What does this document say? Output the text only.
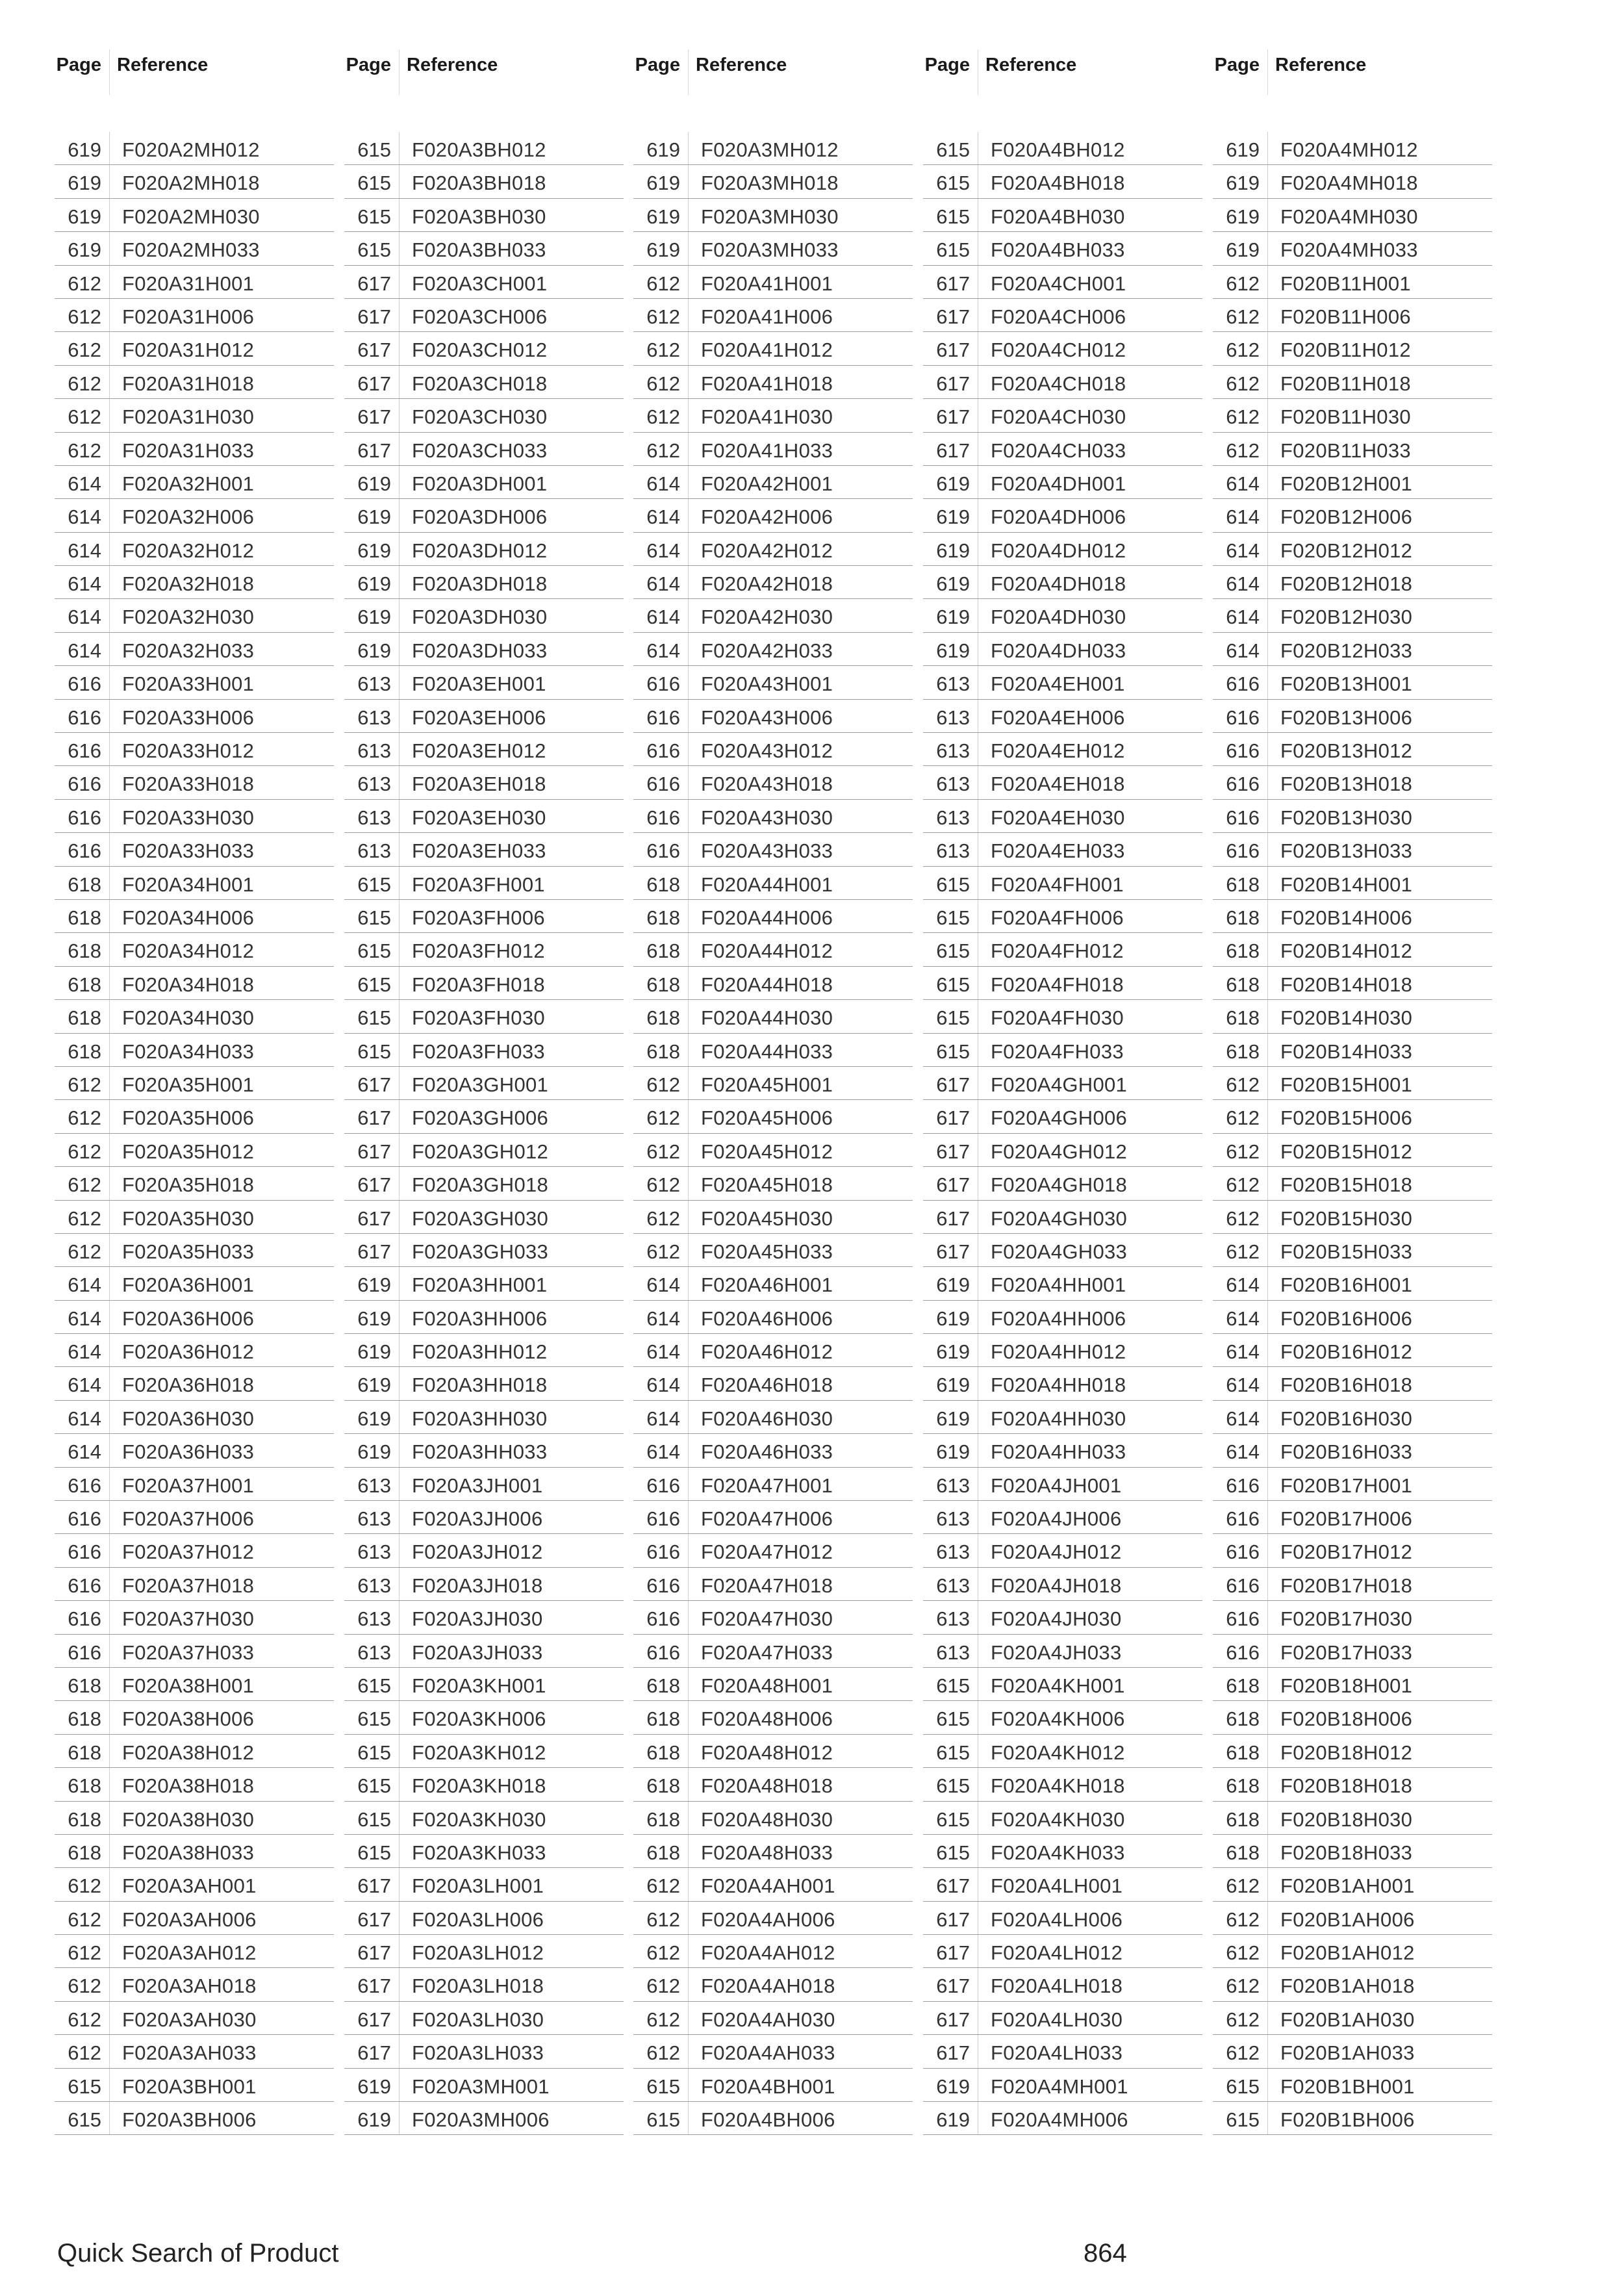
Page Reference
619 F020A2MH012
619 F020A2MH018
619 F020A2MH030
619 F020A2MH033
612 F020A31H001
612 F020A31H006
612 F020A31H012
612 F020A31H018
612 F020A31H030
612 F020A31H033
614 F020A32H001
614 F020A32H006
614 F020A32H012
614 F020A32H018
614 F020A32H030
614 F020A32H033
616 F020A33H001
616 F020A33H006
616 F020A33H012
616 F020A33H018
616 F020A33H030
616 F020A33H033
618 F020A34H001
618 F020A34H006
618 F020A34H012
618 F020A34H018
618 F020A34H030
618 F020A34H033
612 F020A35H001
612 F020A35H006
612 F020A35H012
612 F020A35H018
612 F020A35H030
612 F020A35H033
614 F020A36H001
614 F020A36H006
614 F020A36H012
614 F020A36H018
614 F020A36H030
614 F020A36H033
616 F020A37H001
616 F020A37H006
616 F020A37H012
616 F020A37H018
616 F020A37H030
616 F020A37H033
618 F020A38H001
618 F020A38H006
618 F020A38H012
618 F020A38H018
618 F020A38H030
618 F020A38H033
612 F020A3AH001
612 F020A3AH006
612 F020A3AH012
612 F020A3AH018
612 F020A3AH030
612 F020A3AH033
615 F020A3BH001
615 F020A3BH006
Page Reference
615 F020A3BH012
615 F020A3BH018
615 F020A3BH030
615 F020A3BH033
617 F020A3CH001
617 F020A3CH006
617 F020A3CH012
617 F020A3CH018
617 F020A3CH030
617 F020A3CH033
619 F020A3DH001
619 F020A3DH006
619 F020A3DH012
619 F020A3DH018
619 F020A3DH030
619 F020A3DH033
613 F020A3EH001
613 F020A3EH006
613 F020A3EH012
613 F020A3EH018
613 F020A3EH030
613 F020A3EH033
615 F020A3FH001
615 F020A3FH006
615 F020A3FH012
615 F020A3FH018
615 F020A3FH030
615 F020A3FH033
617 F020A3GH001
617 F020A3GH006
617 F020A3GH012
617 F020A3GH018
617 F020A3GH030
617 F020A3GH033
619 F020A3HH001
619 F020A3HH006
619 F020A3HH012
619 F020A3HH018
619 F020A3HH030
619 F020A3HH033
613 F020A3JH001
613 F020A3JH006
613 F020A3JH012
613 F020A3JH018
613 F020A3JH030
613 F020A3JH033
615 F020A3KH001
615 F020A3KH006
615 F020A3KH012
615 F020A3KH018
615 F020A3KH030
615 F020A3KH033
617 F020A3LH001
617 F020A3LH006
617 F020A3LH012
617 F020A3LH018
617 F020A3LH030
617 F020A3LH033
619 F020A3MH001
619 F020A3MH006
Page Reference
619 F020A3MH012
619 F020A3MH018
619 F020A3MH030
619 F020A3MH033
612 F020A41H001
612 F020A41H006
612 F020A41H012
612 F020A41H018
612 F020A41H030
612 F020A41H033
614 F020A42H001
614 F020A42H006
614 F020A42H012
614 F020A42H018
614 F020A42H030
614 F020A42H033
616 F020A43H001
616 F020A43H006
616 F020A43H012
616 F020A43H018
616 F020A43H030
616 F020A43H033
618 F020A44H001
618 F020A44H006
618 F020A44H012
618 F020A44H018
618 F020A44H030
618 F020A44H033
612 F020A45H001
612 F020A45H006
612 F020A45H012
612 F020A45H018
612 F020A45H030
612 F020A45H033
614 F020A46H001
614 F020A46H006
614 F020A46H012
614 F020A46H018
614 F020A46H030
614 F020A46H033
616 F020A47H001
616 F020A47H006
616 F020A47H012
616 F020A47H018
616 F020A47H030
616 F020A47H033
618 F020A48H001
618 F020A48H006
618 F020A48H012
618 F020A48H018
618 F020A48H030
618 F020A48H033
612 F020A4AH001
612 F020A4AH006
612 F020A4AH012
612 F020A4AH018
612 F020A4AH030
612 F020A4AH033
615 F020A4BH001
615 F020A4BH006
Page Reference
615 F020A4BH012
615 F020A4BH018
615 F020A4BH030
615 F020A4BH033
617 F020A4CH001
617 F020A4CH006
617 F020A4CH012
617 F020A4CH018
617 F020A4CH030
617 F020A4CH033
619 F020A4DH001
619 F020A4DH006
619 F020A4DH012
619 F020A4DH018
619 F020A4DH030
619 F020A4DH033
613 F020A4EH001
613 F020A4EH006
613 F020A4EH012
613 F020A4EH018
613 F020A4EH030
613 F020A4EH033
615 F020A4FH001
615 F020A4FH006
615 F020A4FH012
615 F020A4FH018
615 F020A4FH030
615 F020A4FH033
617 F020A4GH001
617 F020A4GH006
617 F020A4GH012
617 F020A4GH018
617 F020A4GH030
617 F020A4GH033
619 F020A4HH001
619 F020A4HH006
619 F020A4HH012
619 F020A4HH018
619 F020A4HH030
619 F020A4HH033
613 F020A4JH001
613 F020A4JH006
613 F020A4JH012
613 F020A4JH018
613 F020A4JH030
613 F020A4JH033
615 F020A4KH001
615 F020A4KH006
615 F020A4KH012
615 F020A4KH018
615 F020A4KH030
615 F020A4KH033
617 F020A4LH001
617 F020A4LH006
617 F020A4LH012
617 F020A4LH018
617 F020A4LH030
617 F020A4LH033
619 F020A4MH001
619 F020A4MH006
Page Reference
619 F020A4MH012
619 F020A4MH018
619 F020A4MH030
619 F020A4MH033
612 F020B11H001
612 F020B11H006
612 F020B11H012
612 F020B11H018
612 F020B11H030
612 F020B11H033
614 F020B12H001
614 F020B12H006
614 F020B12H012
614 F020B12H018
614 F020B12H030
614 F020B12H033
616 F020B13H001
616 F020B13H006
616 F020B13H012
616 F020B13H018
616 F020B13H030
616 F020B13H033
618 F020B14H001
618 F020B14H006
618 F020B14H012
618 F020B14H018
618 F020B14H030
618 F020B14H033
612 F020B15H001
612 F020B15H006
612 F020B15H012
612 F020B15H018
612 F020B15H030
612 F020B15H033
614 F020B16H001
614 F020B16H006
614 F020B16H012
614 F020B16H018
614 F020B16H030
614 F020B16H033
616 F020B17H001
616 F020B17H006
616 F020B17H012
616 F020B17H018
616 F020B17H030
616 F020B17H033
618 F020B18H001
618 F020B18H006
618 F020B18H012
618 F020B18H018
618 F020B18H030
618 F020B18H033
612 F020B1AH001
612 F020B1AH006
612 F020B1AH012
612 F020B1AH018
612 F020B1AH030
612 F020B1AH033
615 F020B1BH001
615 F020B1BH006
Quick Search of Product	864
